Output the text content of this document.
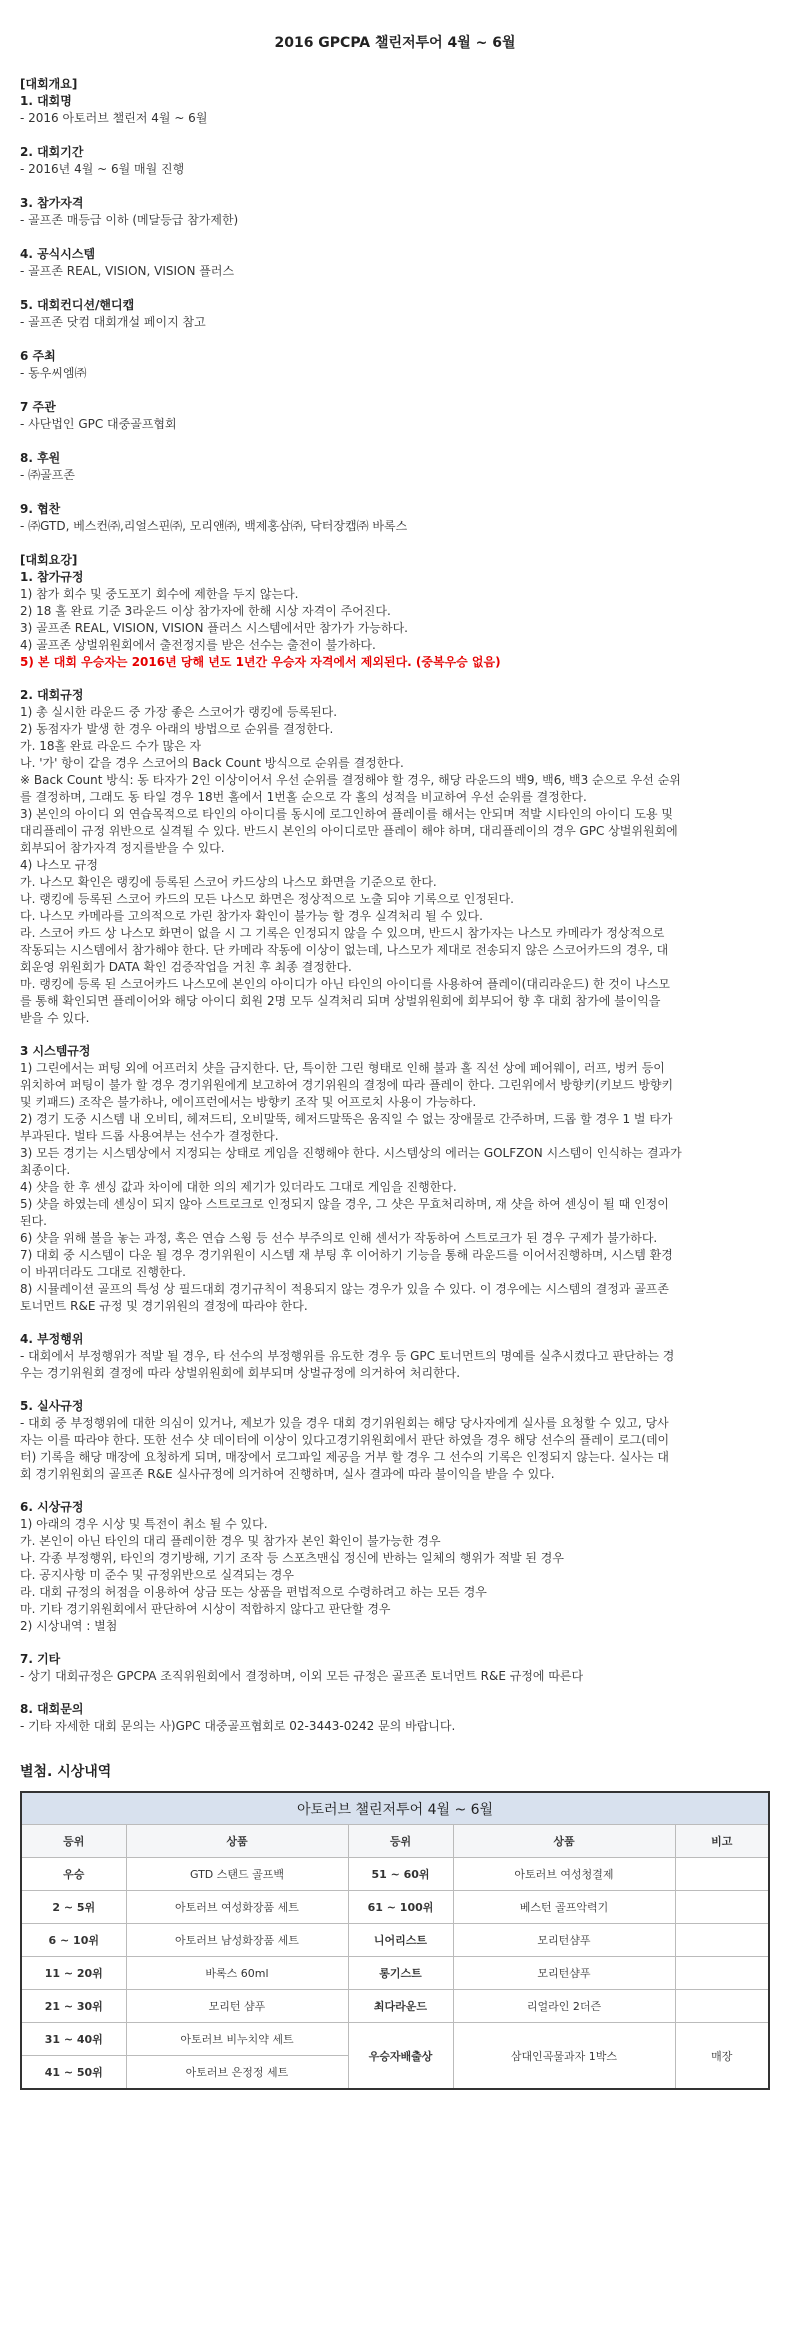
2016 GPCPA 챌린저투어 4월 ~ 6월
[대회개요]
1. 대회명
- 2016 아토러브 챌린저 4월 ~ 6월
2. 대회기간
- 2016년 4월 ~ 6월 매월 진행
3. 참가자격
- 골프존 매등급 이하 (메달등급 참가제한)
4. 공식시스템
- 골프존 REAL, VISION, VISION 플러스
5. 대회컨디션/핸디캡
- 골프존 닷컴 대회개설 페이지 참고
6 주최
- 동우씨엠㈜
7 주관
- 사단법인 GPC 대중골프협회
8. 후원
- ㈜골프존
9. 협찬
- ㈜GTD, 베스컨㈜,리얼스핀㈜, 모리앤㈜, 백제홍삼㈜, 닥터장캡㈜ 바록스
[대회요강]
1. 참가규정
1) 참가 회수 및 중도포기 회수에 제한을 두지 않는다.
2) 18 홀 완료 기준 3라운드 이상 참가자에 한해 시상 자격이 주어진다.
3) 골프존 REAL, VISION, VISION 플러스 시스템에서만 참가가 가능하다.
4) 골프존 상벌위원회에서 출전정지를 받은 선수는 출전이 불가하다.
5) 본 대회 우승자는 2016년 당해 년도 1년간 우승자 자격에서 제외된다. (중복우승 없음)
2. 대회규정
1) 총 실시한 라운드 중 가장 좋은 스코어가 랭킹에 등록된다.
2) 동점자가 발생 한 경우 아래의 방법으로 순위를 결정한다.
가. 18홀 완료 라운드 수가 많은 자
나. '가' 항이 같을 경우 스코어의 Back Count 방식으로 순위를 결정한다.
※ Back Count 방식: 동 타자가 2인 이상이어서 우선 순위를 결정해야 할 경우, 해당 라운드의 백9, 백6, 백3 순으로 우선 순위
를 결정하며, 그래도 동 타일 경우 18번 홀에서 1번홀 순으로 각 홀의 성적을 비교하여 우선 순위를 결정한다.
3) 본인의 아이디 외 연습목적으로 타인의 아이디를 동시에 로그인하여 플레이를 해서는 안되며 적발 시타인의 아이디 도용 및
대리플레이 규정 위반으로 실격될 수 있다. 반드시 본인의 아이디로만 플레이 해야 하며, 대리플레이의 경우 GPC 상벌위원회에
회부되어 참가자격 정지를받을 수 있다.
4) 나스모 규정
가. 나스모 확인은 랭킹에 등록된 스코어 카드상의 나스모 화면을 기준으로 한다.
나. 랭킹에 등록된 스코어 카드의 모든 나스모 화면은 정상적으로 노출 되야 기록으로 인정된다.
다. 나스모 카메라를 고의적으로 가린 참가자 확인이 불가능 할 경우 실격처리 될 수 있다.
라. 스코어 카드 상 나스모 화면이 없을 시 그 기록은 인정되지 않을 수 있으며, 반드시 참가자는 나스모 카메라가 정상적으로
작동되는 시스템에서 참가해야 한다. 단 카메라 작동에 이상이 없는데, 나스모가 제대로 전송되지 않은 스코어카드의 경우, 대
회운영 위원회가 DATA 확인 검증작업을 거친 후 최종 결정한다.
마. 랭킹에 등록 된 스코어카드 나스모에 본인의 아이디가 아닌 타인의 아이디를 사용하여 플레이(대리라운드) 한 것이 나스모
를 통해 확인되면 플레이어와 해당 아이디 회원 2명 모두 실격처리 되며 상벌위원회에 회부되어 향 후 대회 참가에 불이익을
받을 수 있다.
3 시스템규정
1) 그린에서는 퍼팅 외에 어프러치 샷을 금지한다. 단, 특이한 그린 형태로 인해 불과 홀 직선 상에 페어웨이, 러프, 벙커 등이
위치하여 퍼팅이 불가 할 경우 경기위원에게 보고하여 경기위원의 결정에 따라 플레이 한다. 그린위에서 방향키(키보드 방향키
및 키패드) 조작은 불가하나, 에이프런에서는 방향키 조작 및 어프로치 사용이 가능하다.
2) 경기 도중 시스템 내 오비티, 헤져드티, 오비말뚝, 헤저드말뚝은 움직일 수 없는 장애물로 간주하며, 드롭 할 경우 1 벌 타가
부과된다. 벌타 드롭 사용여부는 선수가 결정한다.
3) 모든 경기는 시스템상에서 지정되는 상태로 게임을 진행해야 한다. 시스템상의 에러는 GOLFZON 시스템이 인식하는 결과가
최종이다.
4) 샷을 한 후 센싱 값과 차이에 대한 의의 제기가 있더라도 그대로 게임을 진행한다.
5) 샷을 하였는데 센싱이 되지 않아 스트로크로 인정되지 않을 경우, 그 샷은 무효처리하며, 재 샷을 하여 센싱이 될 때 인정이
된다.
6) 샷을 위해 볼을 놓는 과정, 혹은 연습 스윙 등 선수 부주의로 인해 센서가 작동하여 스트로크가 된 경우 구제가 불가하다.
7) 대회 중 시스템이 다운 될 경우 경기위원이 시스템 재 부팅 후 이어하기 기능을 통해 라운드를 이어서진행하며, 시스템 환경
이 바뀌더라도 그대로 진행한다.
8) 시뮬레이션 골프의 특성 상 필드대회 경기규칙이 적용되지 않는 경우가 있을 수 있다. 이 경우에는 시스템의 결정과 골프존
토너먼트 R&E 규정 및 경기위원의 결정에 따라야 한다.
4. 부정행위
- 대회에서 부정행위가 적발 될 경우, 타 선수의 부정행위를 유도한 경우 등 GPC 토너먼트의 명예를 실추시켰다고 판단하는 경
우는 경기위원회 결정에 따라 상벌위원회에 회부되며 상벌규정에 의거하여 처리한다.
5. 실사규정
- 대회 중 부정행위에 대한 의심이 있거나, 제보가 있을 경우 대회 경기위원회는 해당 당사자에게 실사를 요청할 수 있고, 당사
자는 이를 따라야 한다. 또한 선수 샷 데이터에 이상이 있다고경기위원회에서 판단 하였을 경우 해당 선수의 플레이 로그(데이
터) 기록을 해당 매장에 요청하게 되며, 매장에서 로그파일 제공을 거부 할 경우 그 선수의 기록은 인정되지 않는다. 실사는 대
회 경기위원회의 골프존 R&E 실사규정에 의거하여 진행하며, 실사 결과에 따라 불이익을 받을 수 있다.
6. 시상규정
1) 아래의 경우 시상 및 특전이 취소 될 수 있다.
가. 본인이 아닌 타인의 대리 플레이한 경우 및 참가자 본인 확인이 불가능한 경우
나. 각종 부정행위, 타인의 경기방해, 기기 조작 등 스포츠맨십 정신에 반하는 일체의 행위가 적발 된 경우
다. 공지사항 미 준수 및 규정위반으로 실격되는 경우
라. 대회 규정의 허점을 이용하여 상금 또는 상품을 편법적으로 수령하려고 하는 모든 경우
마. 기타 경기위원회에서 판단하여 시상이 적합하지 않다고 판단할 경우
2) 시상내역 : 별첨
7. 기타
- 상기 대회규정은 GPCPA 조직위원회에서 결정하며, 이외 모든 규정은 골프존 토너먼트 R&E 규정에 따른다
8. 대회문의
- 기타 자세한 대회 문의는 사)GPC 대중골프협회로 02-3443-0242 문의 바랍니다.
별첨. 시상내역
아토러브 챌린저투어 4월 ~ 6월				
등위	상품	등위	상품	비고
우승	GTD 스탠드 골프백	51 ~ 60위	아토러브 여성청결제	
2 ~ 5위	아토러브 여성화장품 세트	61 ~ 100위	베스턴 골프악력기	
6 ~ 10위	아토러브 남성화장품 세트	니어리스트	모리턴샴푸	
11 ~ 20위	바록스 60ml	롱기스트	모리턴샴푸	
21 ~ 30위	모리턴 샴푸	최다라운드	리얼라인 2더즌	
31 ~ 40위	아토러브 비누치약 세트	우승자배출상	삼대인곡물과자 1박스	매장
41 ~ 50위	아토러브 은정정 세트			
